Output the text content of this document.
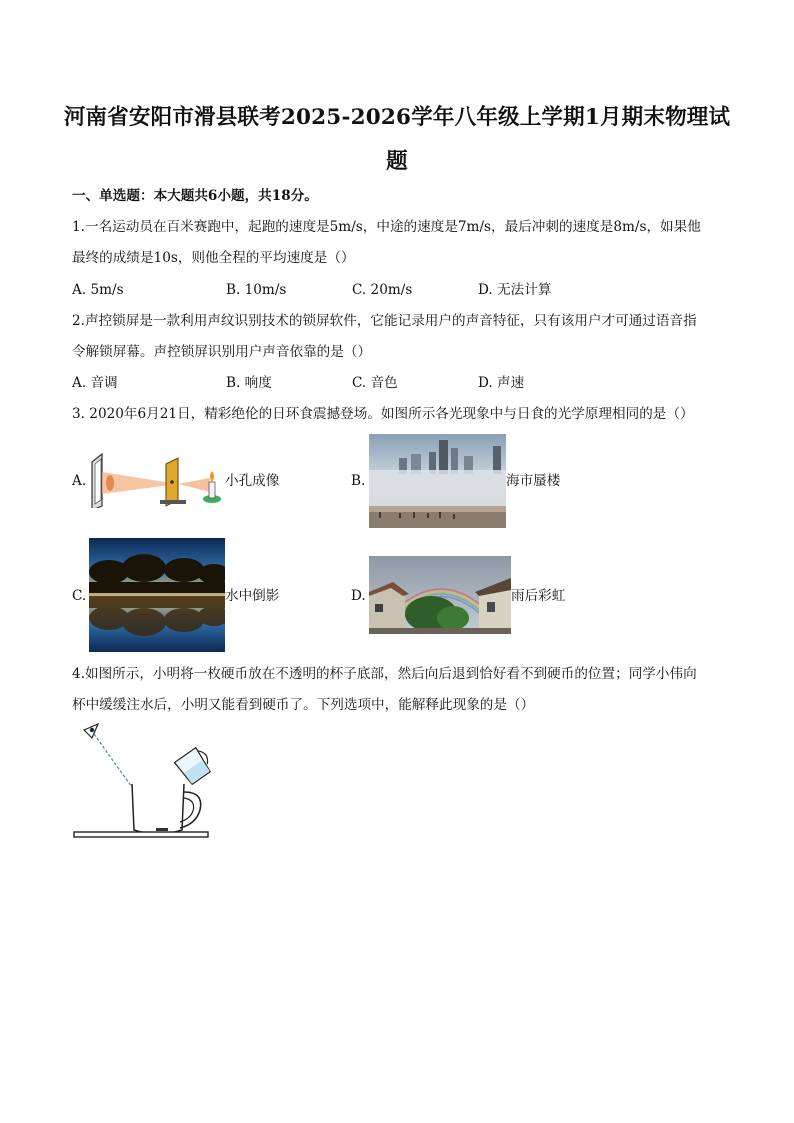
河南省安阳市滑县联考2025-2026学年八年级上学期1月期末物理试
题
一、单选题：本大题共6小题，共18分。
1.一名运动员在百米赛跑中，起跑的速度是5m/s，中途的速度是7m/s，最后冲刺的速度是8m/s，如果他
最终的成绩是10s，则他全程的平均速度是（）
A. 5m/s	B. 10m/s	C. 20m/s	D. 无法计算
2.声控锁屏是一款利用声纹识别技术的锁屏软件，它能记录用户的声音特征，只有该用户才可通过语音指
令解锁屏幕。声控锁屏识别用户声音依靠的是（）
A. 音调	B. 响度	C. 音色	D. 声速
3. 2020年6月21日，精彩绝伦的日环食震撼登场。如图所示各光现象中与日食的光学原理相同的是（）
A.	小孔成像	B.	海市蜃楼
C.	水中倒影	D.	雨后彩虹
4.如图所示，小明将一枚硬币放在不透明的杯子底部，然后向后退到恰好看不到硬币的位置；同学小伟向
杯中缓缓注水后，小明又能看到硬币了。下列选项中，能解释此现象的是（）
